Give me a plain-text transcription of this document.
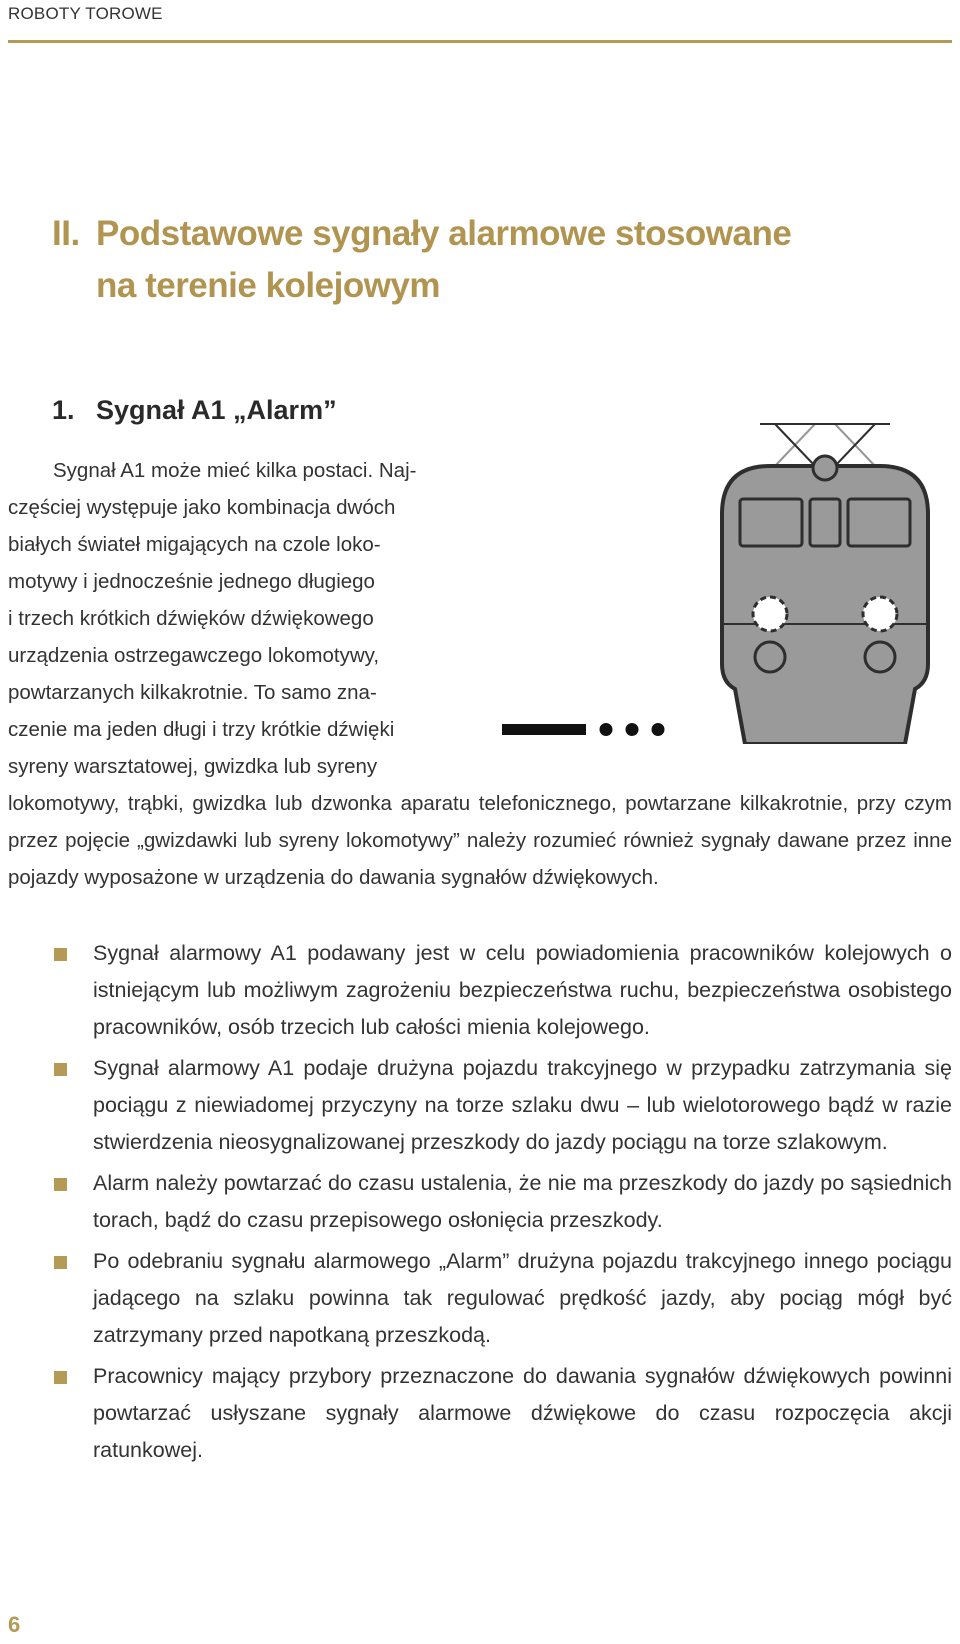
ROBOTY TOROWE
II. Podstawowe sygnały alarmowe stosowane
na terenie kolejowym
1. Sygnał A1 „Alarm”
Sygnał A1 może mieć kilka postaci. Naj-
częściej występuje jako kombinacja dwóch
białych świateł migających na czole loko-
motywy i jednocześnie jednego długiego
i trzech krótkich dźwięków dźwiękowego
urządzenia ostrzegawczego lokomotywy,
powtarzanych kilkakrotnie. To samo zna-
czenie ma jeden długi i trzy krótkie dźwięki
syreny warsztatowej, gwizdka lub syreny
lokomotywy, trąbki, gwizdka lub dzwonka aparatu telefonicznego, powtarzane kilkakrotnie, przy czym przez pojęcie „gwizdawki lub syreny lokomotywy” należy rozumieć również sygnały dawane przez inne pojazdy wyposażone w urządzenia do dawania sygnałów dźwiękowych.
Sygnał alarmowy A1 podawany jest w celu powiadomienia pracowników kolejowych o istniejącym lub możliwym zagrożeniu bezpieczeństwa ruchu, bezpieczeństwa osobistego pracowników, osób trzecich lub całości mienia kolejowego.
Sygnał alarmowy A1 podaje drużyna pojazdu trakcyjnego w przypadku zatrzymania się pociągu z niewiadomej przyczyny na torze szlaku dwu – lub wielotorowego bądź w razie stwierdzenia nieosygnalizowanej przeszkody do jazdy pociągu na torze szlakowym.
Alarm należy powtarzać do czasu ustalenia, że nie ma przeszkody do jazdy po sąsiednich torach, bądź do czasu przepisowego osłonięcia przeszkody.
Po odebraniu sygnału alarmowego „Alarm” drużyna pojazdu trakcyjnego innego pociągu jadącego na szlaku powinna tak regulować prędkość jazdy, aby pociąg mógł być zatrzymany przed napotkaną przeszkodą.
Pracownicy mający przybory przeznaczone do dawania sygnałów dźwiękowych powinni powtarzać usłyszane sygnały alarmowe dźwiękowe do czasu rozpoczęcia akcji ratunkowej.
6
